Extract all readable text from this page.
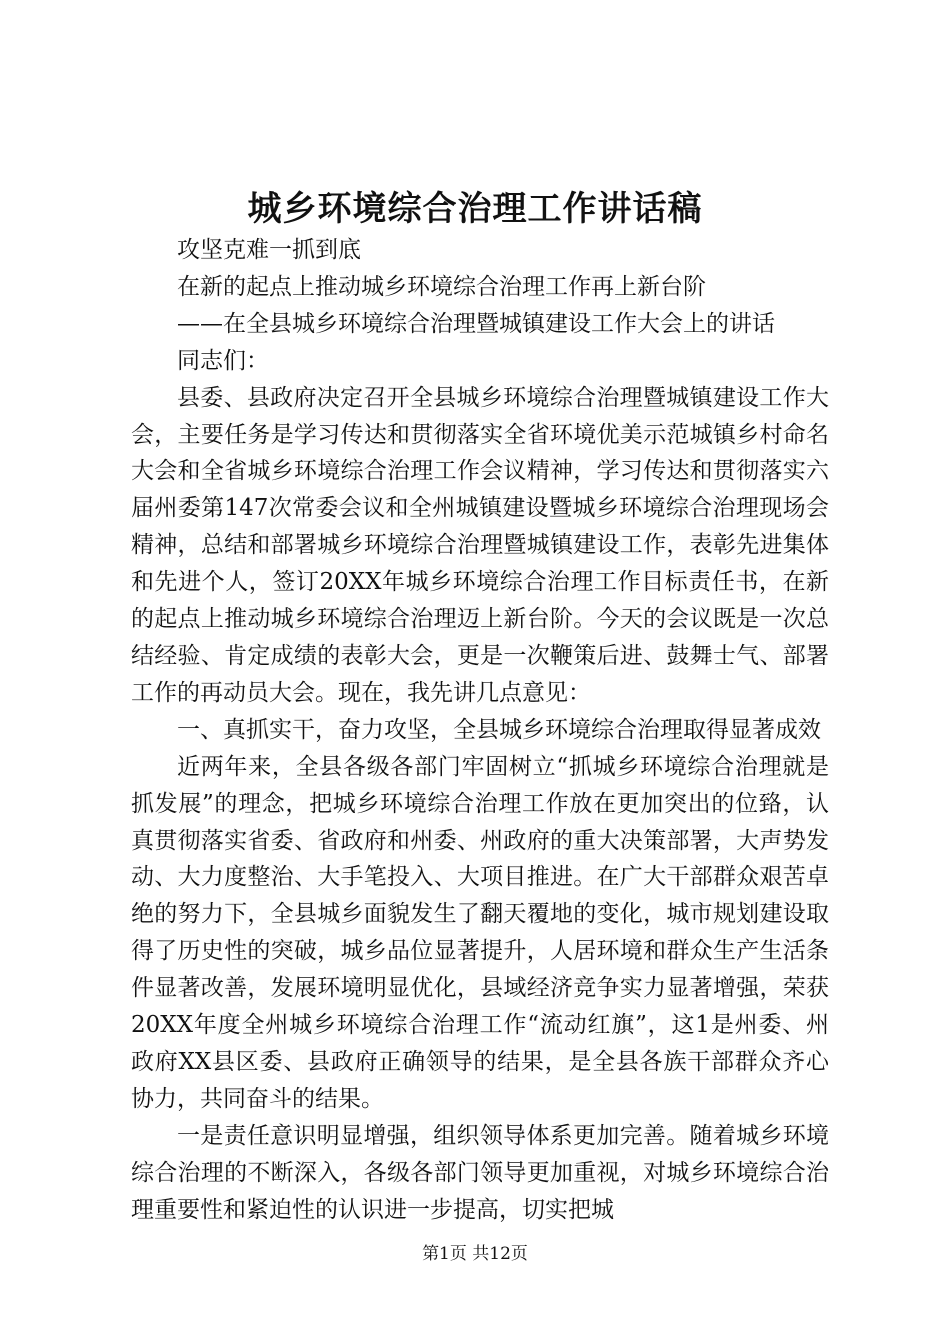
城乡环境综合治理工作讲话稿

攻坚克难一抓到底

在新的起点上推动城乡环境综合治理工作再上新台阶

——在全县城乡环境综合治理暨城镇建设工作大会上的讲话

同志们：

县委、县政府决定召开全县城乡环境综合治理暨城镇建设工作大会，主要任务是学习传达和贯彻落实全省环境优美示范城镇乡村命名大会和全省城乡环境综合治理工作会议精神，学习传达和贯彻落实六届州委第147次常委会议和全州城镇建设暨城乡环境综合治理现场会精神，总结和部署城乡环境综合治理暨城镇建设工作，表彰先进集体和先进个人，签订20XX年城乡环境综合治理工作目标责任书，在新的起点上推动城乡环境综合治理迈上新台阶。今天的会议既是一次总结经验、肯定成绩的表彰大会，更是一次鞭策后进、鼓舞士气、部署工作的再动员大会。现在，我先讲几点意见：

一、真抓实干，奋力攻坚，全县城乡环境综合治理取得显著成效

近两年来，全县各级各部门牢固树立“抓城乡环境综合治理就是抓发展”的理念，把城乡环境综合治理工作放在更加突出的位臵，认真贯彻落实省委、省政府和州委、州政府的重大决策部署，大声势发动、大力度整治、大手笔投入、大项目推进。在广大干部群众艰苦卓绝的努力下，全县城乡面貌发生了翻天覆地的变化，城市规划建设取得了历史性的突破，城乡品位显著提升，人居环境和群众生产生活条件显著改善，发展环境明显优化，县域经济竞争实力显著增强，荣获20XX年度全州城乡环境综合治理工作“流动红旗”，这1是州委、州政府XX县区委、县政府正确领导的结果，是全县各族干部群众齐心协力，共同奋斗的结果。

一是责任意识明显增强，组织领导体系更加完善。随着城乡环境综合治理的不断深入，各级各部门领导更加重视，对城乡环境综合治理重要性和紧迫性的认识进一步提高，切实把城

第1页 共12页
